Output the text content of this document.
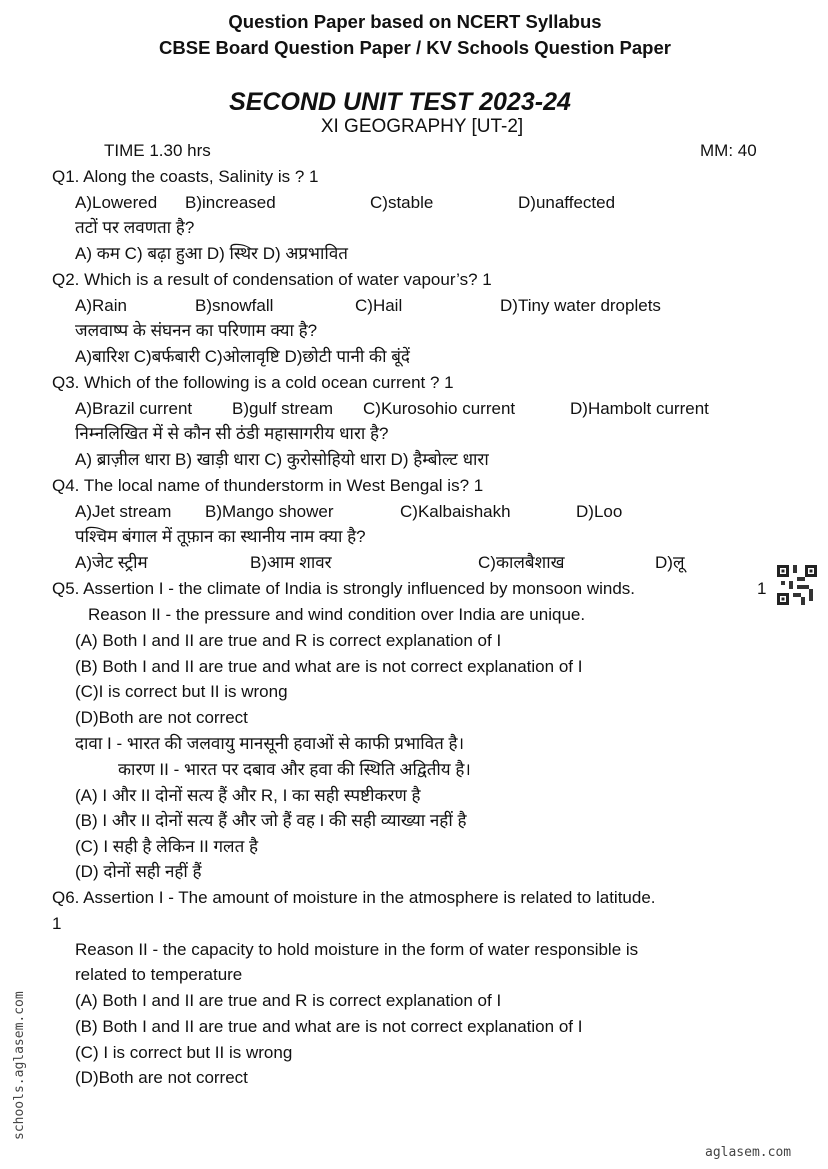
schools.aglasem.com
aglasem.com
Question Paper based on NCERT Syllabus
CBSE Board Question Paper / KV Schools Question Paper
SECOND UNIT TEST 2023-24
XI GEOGRAPHY [UT-2]
TIME 1.30 hrs	MM: 40
Q1. Along the coasts, Salinity is ? 1
A)Lowered B)increased	C)stable	D)unaffected
तटों पर लवणता है?
A) कम C) बढ़ा हुआ D) स्थिर D) अप्रभावित
Q2. Which is a result of condensation of water vapour’s? 1
A)Rain	B)snowfall	C)Hail	D)Tiny water droplets
जलवाष्प के संघनन का परिणाम क्या है?
A)बारिश C)बर्फबारी C)ओलावृष्टि D)छोटी पानी की बूंदें
Q3. Which of the following is a cold ocean current ? 1
A)Brazil current B)gulf stream C)Kurosohio current	D)Hambolt current
निम्नलिखित में से कौन सी ठंडी महासागरीय धारा है?
A) ब्राज़ील धारा B) खाड़ी धारा C) कुरोसोहियो धारा D) हैम्बोल्ट धारा
Q4. The local name of thunderstorm in West Bengal is? 1
A)Jet stream B)Mango shower	C)Kalbaishakh	D)Loo
पश्चिम बंगाल में तूफ़ान का स्थानीय नाम क्या है?
A)जेट स्ट्रीम	B)आम शावर	C)कालबैशाख	D)लू
Q5. Assertion I - the climate of India is strongly influenced by monsoon winds.	1
Reason II - the pressure and wind condition over India are unique.
(A) Both I and II are true and R is correct explanation of I
(B) Both I and II are true and what are is not correct explanation of I
(C)I is correct but II is wrong
(D)Both are not correct
दावा I - भारत की जलवायु मानसूनी हवाओं से काफी प्रभावित है।
कारण II - भारत पर दबाव और हवा की स्थिति अद्वितीय है।
(A) I और II दोनों सत्य हैं और R, I का सही स्पष्टीकरण है
(B) I और II दोनों सत्य हैं और जो हैं वह I की सही व्याख्या नहीं है
(C) I सही है लेकिन II गलत है
(D) दोनों सही नहीं हैं
Q6. Assertion I - The amount of moisture in the atmosphere is related to latitude.
1
Reason II - the capacity to hold moisture in the form of water responsible is
related to temperature
(A) Both I and II are true and R is correct explanation of I
(B) Both I and II are true and what are is not correct explanation of I
(C) I is correct but II is wrong
(D)Both are not correct
